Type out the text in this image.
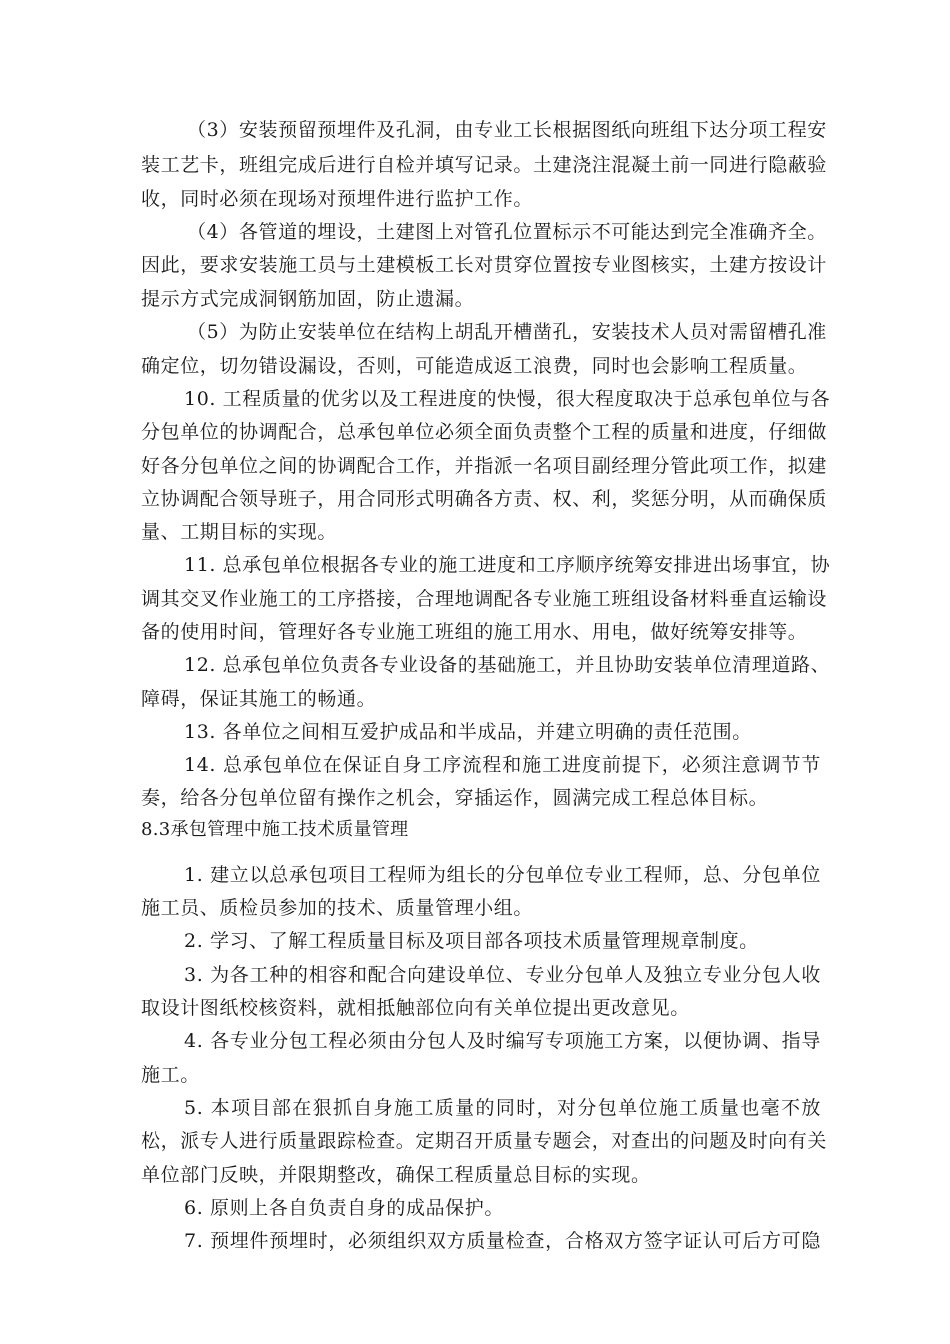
（3）安装预留预埋件及孔洞，由专业工长根据图纸向班组下达分项工程安
装工艺卡，班组完成后进行自检并填写记录。土建浇注混凝土前一同进行隐蔽验
收，同时必须在现场对预埋件进行监护工作。
（4）各管道的埋设，土建图上对管孔位置标示不可能达到完全准确齐全。
因此，要求安装施工员与土建模板工长对贯穿位置按专业图核实，土建方按设计
提示方式完成洞钢筋加固，防止遗漏。
（5）为防止安装单位在结构上胡乱开槽凿孔，安装技术人员对需留槽孔准
确定位，切勿错设漏设，否则，可能造成返工浪费，同时也会影响工程质量。
10. 工程质量的优劣以及工程进度的快慢，很大程度取决于总承包单位与各
分包单位的协调配合，总承包单位必须全面负责整个工程的质量和进度，仔细做
好各分包单位之间的协调配合工作，并指派一名项目副经理分管此项工作，拟建
立协调配合领导班子，用合同形式明确各方责、权、利，奖惩分明，从而确保质
量、工期目标的实现。
11. 总承包单位根据各专业的施工进度和工序顺序统筹安排进出场事宜，协
调其交叉作业施工的工序搭接，合理地调配各专业施工班组设备材料垂直运输设
备的使用时间，管理好各专业施工班组的施工用水、用电，做好统筹安排等。
12. 总承包单位负责各专业设备的基础施工，并且协助安装单位清理道路、
障碍，保证其施工的畅通。
13. 各单位之间相互爱护成品和半成品，并建立明确的责任范围。
14. 总承包单位在保证自身工序流程和施工进度前提下，必须注意调节节
奏，给各分包单位留有操作之机会，穿插运作，圆满完成工程总体目标。
8.3承包管理中施工技术质量管理
1. 建立以总承包项目工程师为组长的分包单位专业工程师，总、分包单位
施工员、质检员参加的技术、质量管理小组。
2. 学习、了解工程质量目标及项目部各项技术质量管理规章制度。
3. 为各工种的相容和配合向建设单位、专业分包单人及独立专业分包人收
取设计图纸校核资料，就相抵触部位向有关单位提出更改意见。
4. 各专业分包工程必须由分包人及时编写专项施工方案，以便协调、指导
施工。
5. 本项目部在狠抓自身施工质量的同时，对分包单位施工质量也毫不放
松，派专人进行质量跟踪检查。定期召开质量专题会，对查出的问题及时向有关
单位部门反映，并限期整改，确保工程质量总目标的实现。
6. 原则上各自负责自身的成品保护。
7. 预埋件预埋时，必须组织双方质量检查，合格双方签字证认可后方可隐
